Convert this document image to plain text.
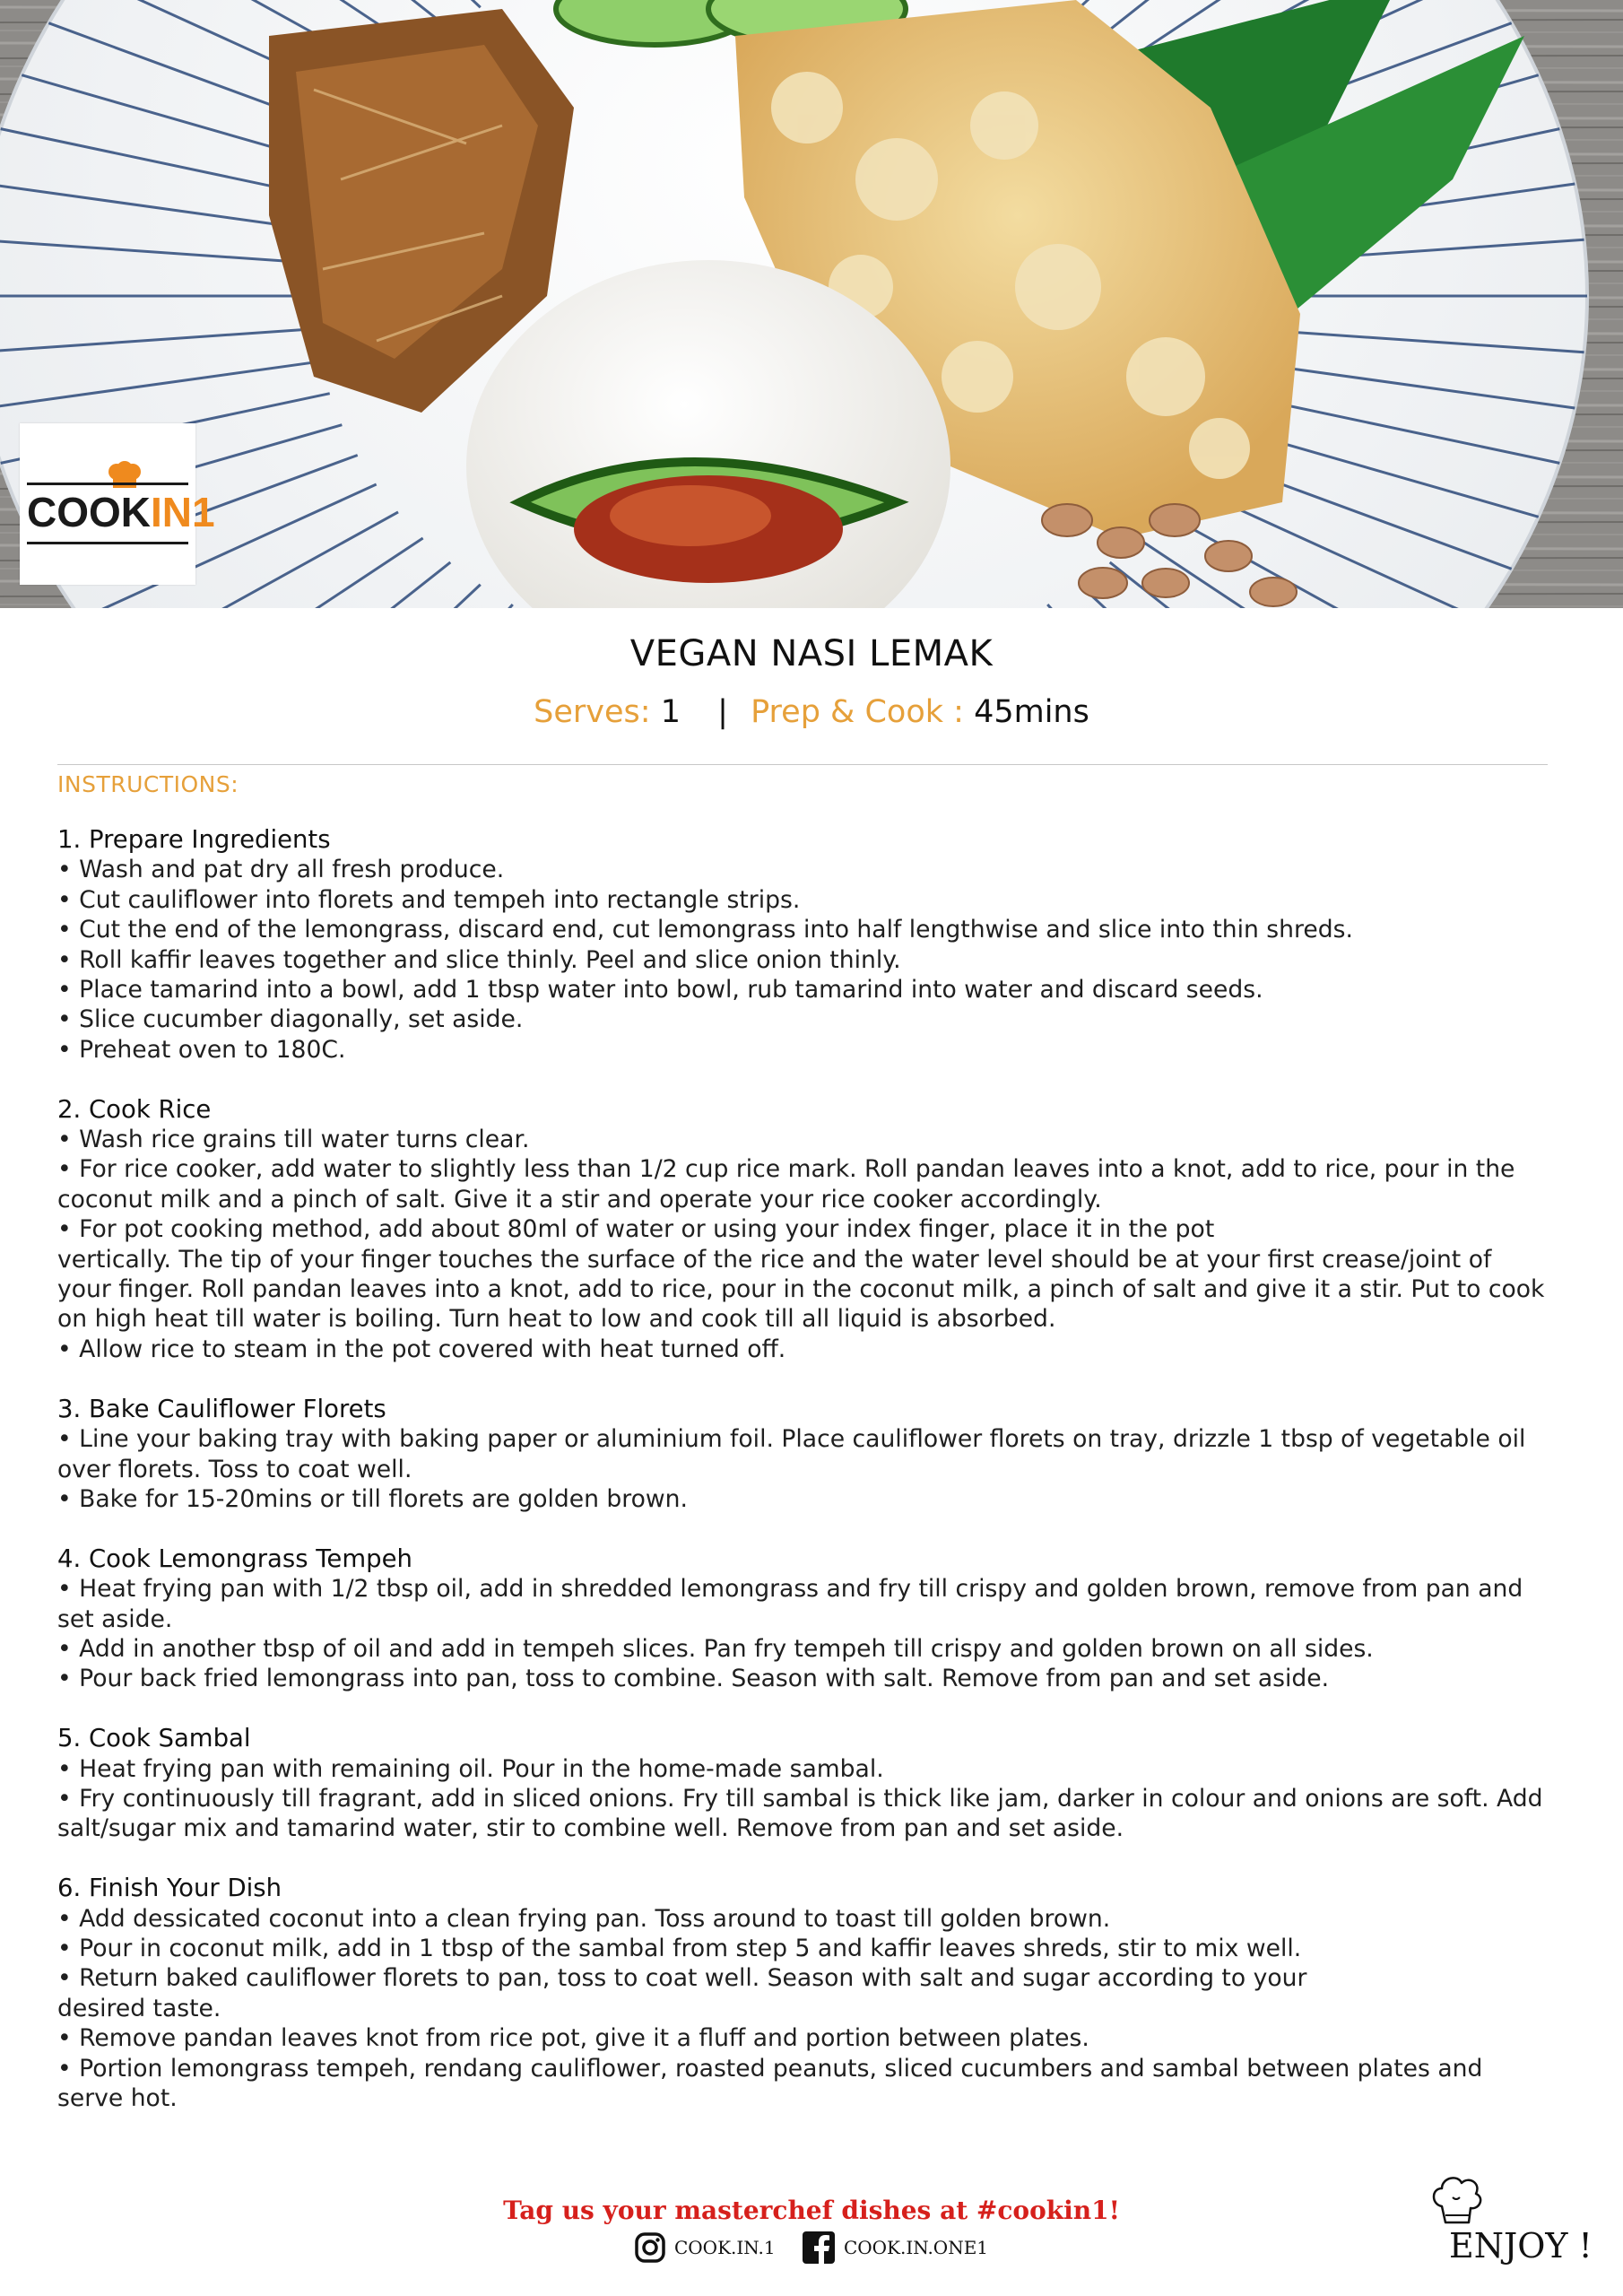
COOKIN1
VEGAN NASI LEMAK
Serves: 1 | Prep & Cook : 45mins
INSTRUCTIONS:
1. Prepare Ingredients
• Wash and pat dry all fresh produce.
• Cut cauliflower into florets and tempeh into rectangle strips.
• Cut the end of the lemongrass, discard end, cut lemongrass into half lengthwise and slice into thin shreds.
• Roll kaffir leaves together and slice thinly. Peel and slice onion thinly.
• Place tamarind into a bowl, add 1 tbsp water into bowl, rub tamarind into water and discard seeds.
• Slice cucumber diagonally, set aside.
• Preheat oven to 180C.
2. Cook Rice
• Wash rice grains till water turns clear.
• For rice cooker, add water to slightly less than 1/2 cup rice mark. Roll pandan leaves into a knot, add to rice, pour in the coconut milk and a pinch of salt. Give it a stir and operate your rice cooker accordingly.
• For pot cooking method, add about 80ml of water or using your index finger, place it in the pot
vertically. The tip of your finger touches the surface of the rice and the water level should be at your first crease/joint of your finger. Roll pandan leaves into a knot, add to rice, pour in the coconut milk, a pinch of salt and give it a stir. Put to cook on high heat till water is boiling. Turn heat to low and cook till all liquid is absorbed.
• Allow rice to steam in the pot covered with heat turned off.
3. Bake Cauliflower Florets
• Line your baking tray with baking paper or aluminium foil. Place cauliflower florets on tray, drizzle 1 tbsp of vegetable oil over florets. Toss to coat well.
• Bake for 15-20mins or till florets are golden brown.
4. Cook Lemongrass Tempeh
• Heat frying pan with 1/2 tbsp oil, add in shredded lemongrass and fry till crispy and golden brown, remove from pan and set aside.
• Add in another tbsp of oil and add in tempeh slices. Pan fry tempeh till crispy and golden brown on all sides.
• Pour back fried lemongrass into pan, toss to combine. Season with salt. Remove from pan and set aside.
5. Cook Sambal
• Heat frying pan with remaining oil. Pour in the home-made sambal.
• Fry continuously till fragrant, add in sliced onions. Fry till sambal is thick like jam, darker in colour and onions are soft. Add salt/sugar mix and tamarind water, stir to combine well. Remove from pan and set aside.
6. Finish Your Dish
• Add dessicated coconut into a clean frying pan. Toss around to toast till golden brown.
• Pour in coconut milk, add in 1 tbsp of the sambal from step 5 and kaffir leaves shreds, stir to mix well.
• Return baked cauliflower florets to pan, toss to coat well. Season with salt and sugar according to your
desired taste.
• Remove pandan leaves knot from rice pot, give it a fluff and portion between plates.
• Portion lemongrass tempeh, rendang cauliflower, roasted peanuts, sliced cucumbers and sambal between plates and serve hot.
Tag us your masterchef dishes at #cookin1!
COOK.IN.1
	COOK.IN.ONE1	ENJOY !
